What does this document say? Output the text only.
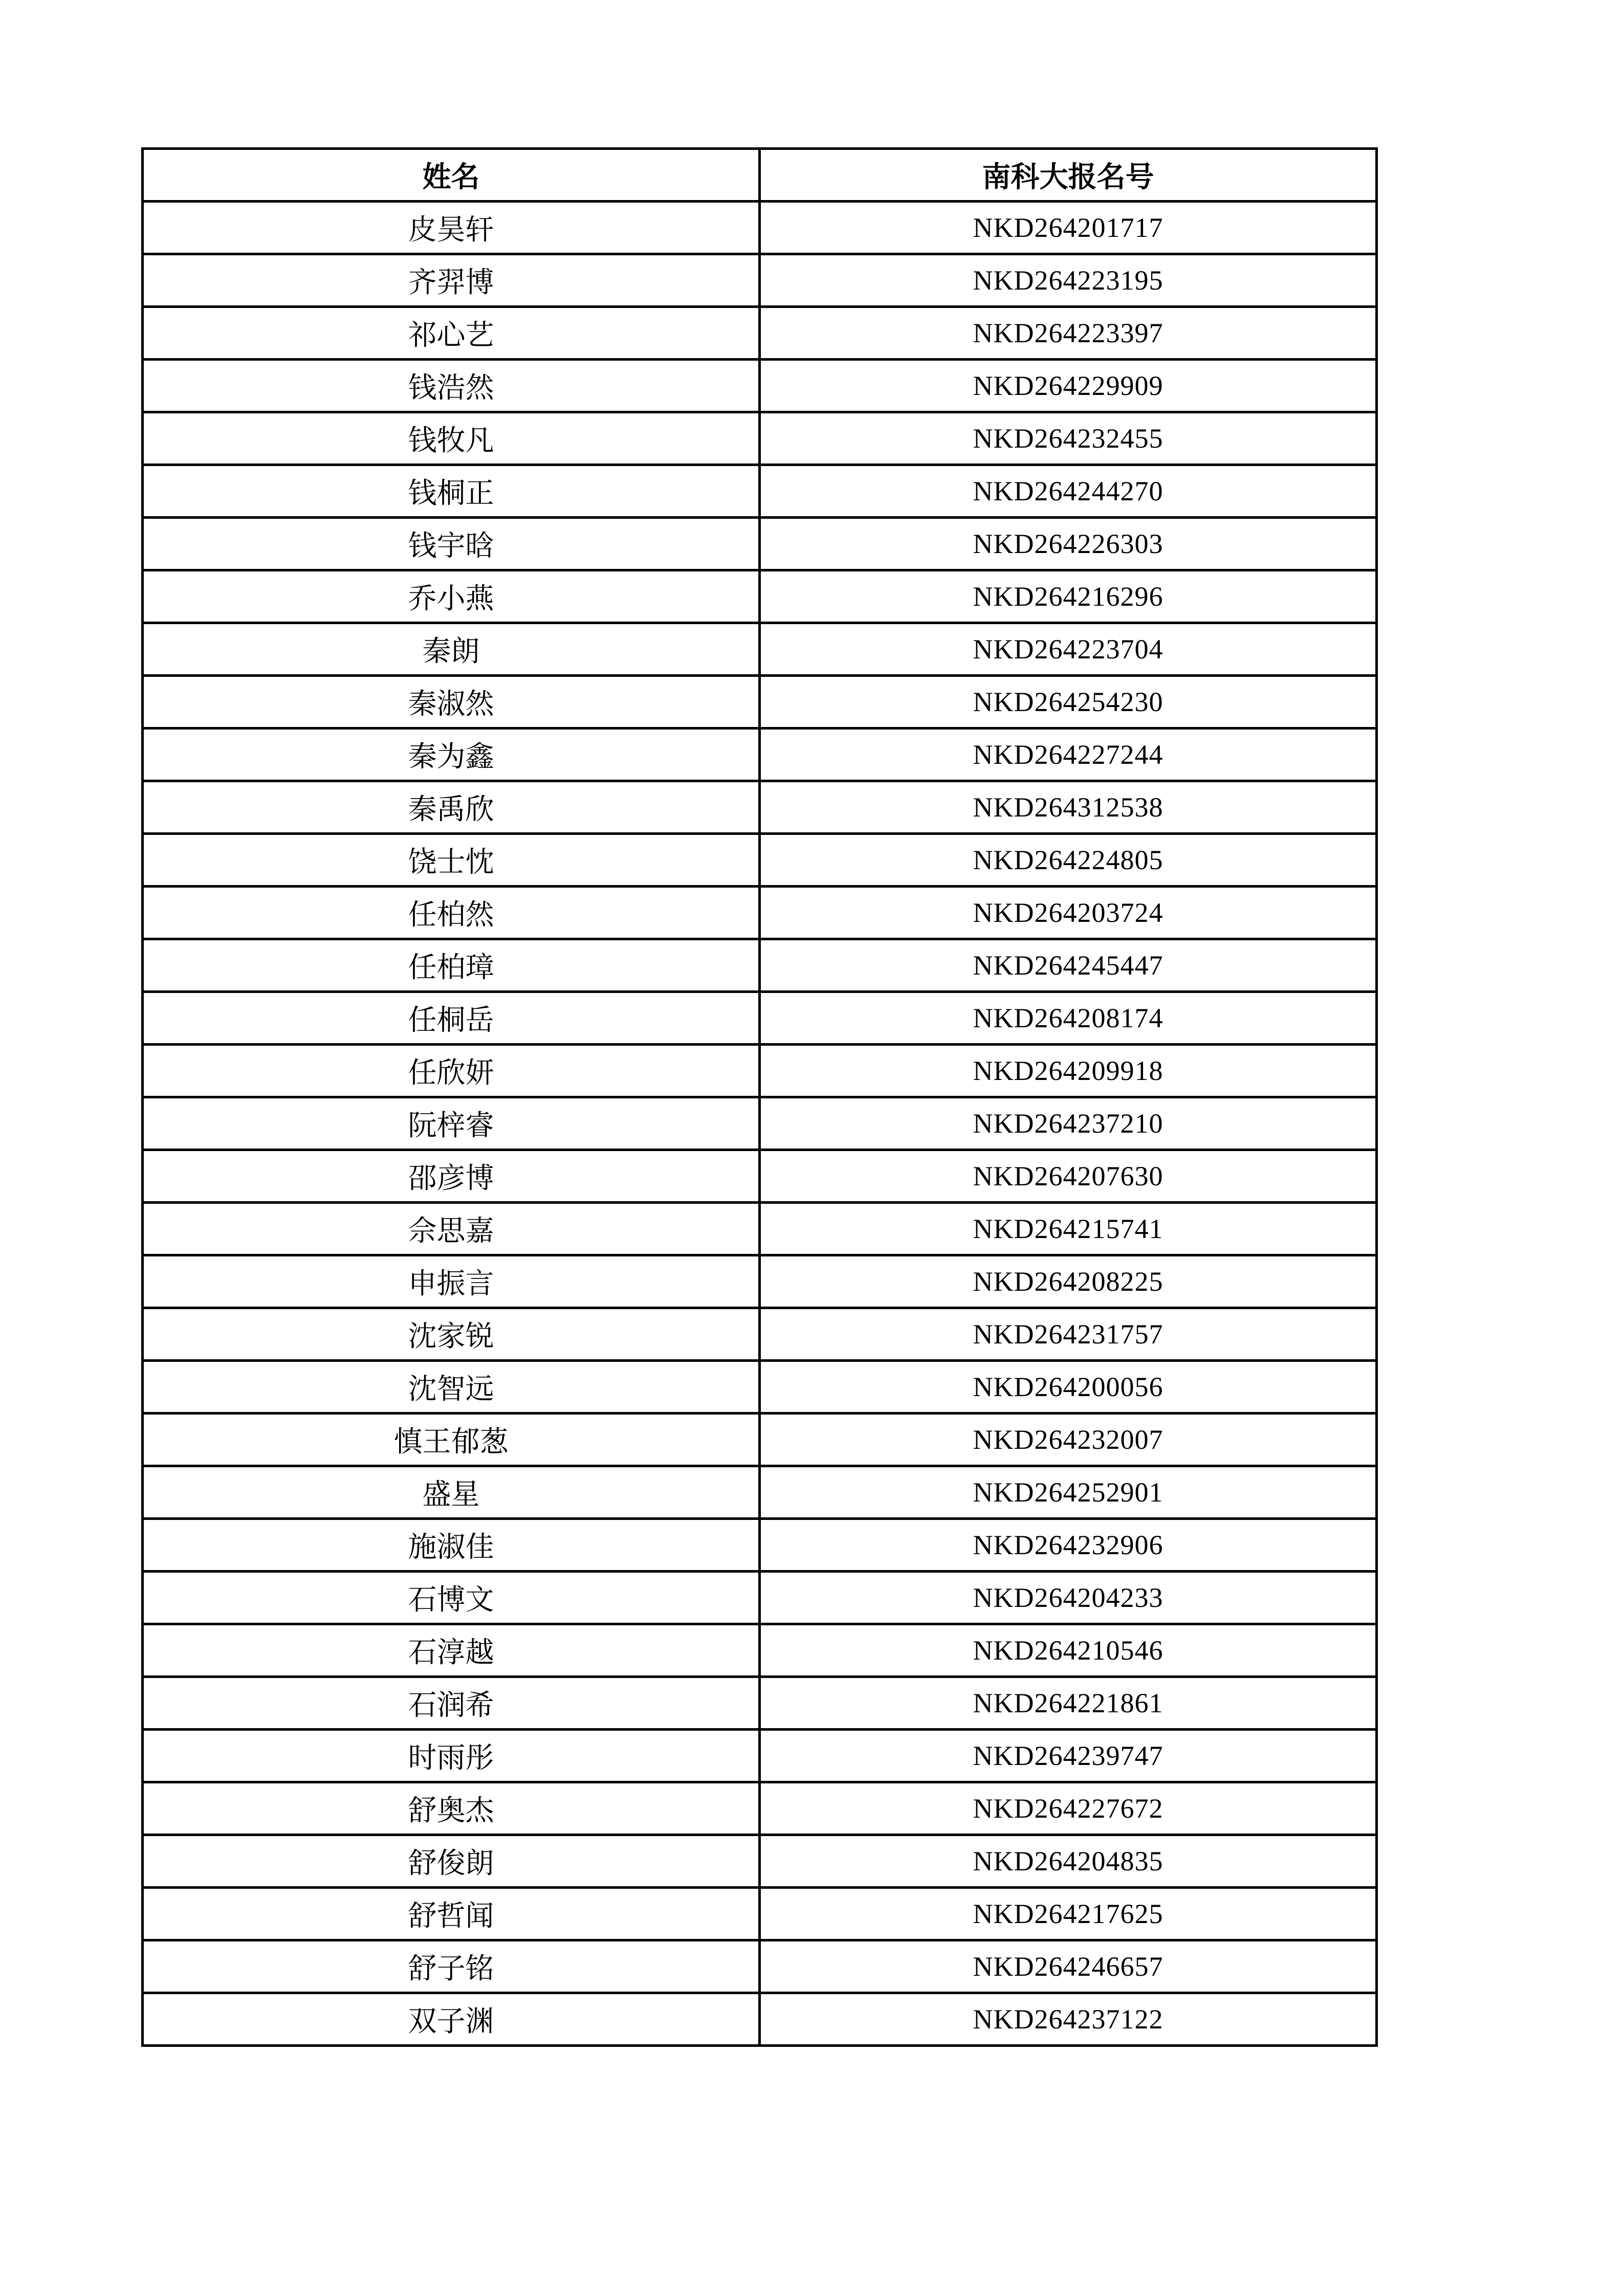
姓名	南科大报名号
皮昊轩	NKD264201717
齐羿博	NKD264223195
祁心艺	NKD264223397
钱浩然	NKD264229909
钱牧凡	NKD264232455
钱桐正	NKD264244270
钱宇晗	NKD264226303
乔小燕	NKD264216296
秦朗	NKD264223704
秦淑然	NKD264254230
秦为鑫	NKD264227244
秦禹欣	NKD264312538
饶士忱	NKD264224805
任柏然	NKD264203724
任柏璋	NKD264245447
任桐岳	NKD264208174
任欣妍	NKD264209918
阮梓睿	NKD264237210
邵彦博	NKD264207630
佘思嘉	NKD264215741
申振言	NKD264208225
沈家锐	NKD264231757
沈智远	NKD264200056
慎王郁葱	NKD264232007
盛星	NKD264252901
施淑佳	NKD264232906
石博文	NKD264204233
石淳越	NKD264210546
石润希	NKD264221861
时雨彤	NKD264239747
舒奥杰	NKD264227672
舒俊朗	NKD264204835
舒哲闻	NKD264217625
舒子铭	NKD264246657
双子渊	NKD264237122
